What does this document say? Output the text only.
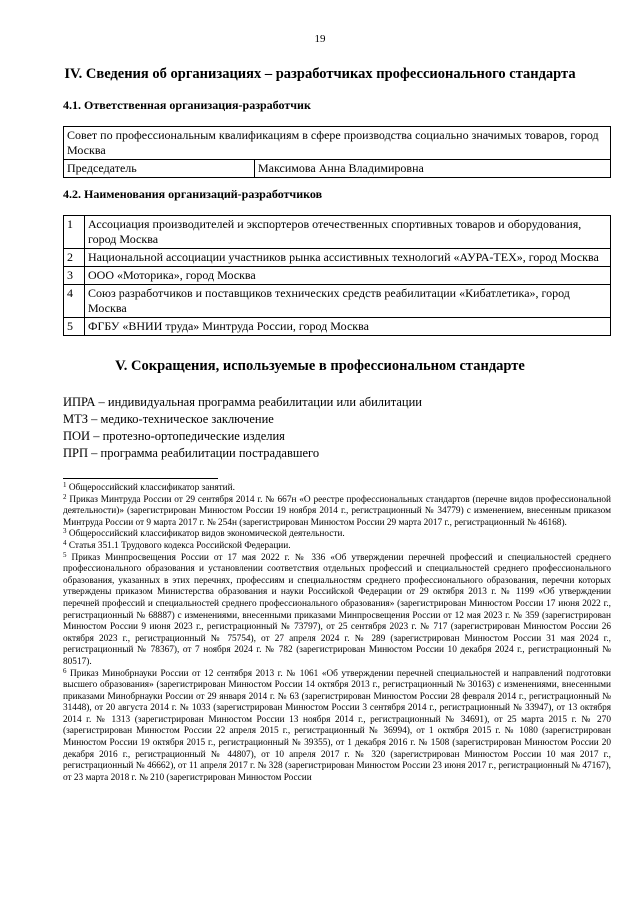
19
IV. Сведения об организациях – разработчиках профессионального стандарта
4.1. Ответственная организация-разработчик
Совет по профессиональным квалификациям в сфере производства социально значимых товаров, город Москва
Председатель	Максимова Анна Владимировна
4.2. Наименования организаций-разработчиков
1	Ассоциация производителей и экспортеров отечественных спортивных товаров и оборудования, город Москва
2	Национальной ассоциации участников рынка ассистивных технологий «АУРА-ТЕХ», город Москва
3	ООО «Моторика», город Москва
4	Союз разработчиков и поставщиков технических средств реабилитации «Кибатлетика», город Москва
5	ФГБУ «ВНИИ труда» Минтруда России, город Москва
V. Сокращения, используемые в профессиональном стандарте
ИПРА – индивидуальная программа реабилитации или абилитации
МТЗ – медико-техническое заключение
ПОИ – протезно-ортопедические изделия
ПРП – программа реабилитации пострадавшего

$^1$ Общероссийский классификатор занятий.

$^2$ Приказ Минтруда России от 29 сентября 2014 г. № 667н «О реестре профессиональных стандартов (перечне видов профессиональной деятельности)» (зарегистрирован Минюстом России 19 ноября 2014 г., регистрационный № 34779) с изменением, внесенным приказом Минтруда России от 9 марта 2017 г. № 254н (зарегистрирован Минюстом России 29 марта 2017 г., регистрационный № 46168).

$^3$ Общероссийский классификатор видов экономической деятельности.

$^4$ Статья 351.1 Трудового кодекса Российской Федерации.

$^5$ Приказ Минпросвещения России от 17 мая 2022 г. № 336 «Об утверждении перечней профессий и специальностей среднего профессионального образования и установлении соответствия отдельных профессий и специальностей среднего профессионального образования, указанных в этих перечнях, профессиям и специальностям среднего профессионального образования, перечни которых утверждены приказом Министерства образования и науки Российской Федерации от 29 октября 2013 г. № 1199 «Об утверждении перечней профессий и специальностей среднего профессионального образования» (зарегистрирован Минюстом России 17 июня 2022 г., регистрационный № 68887) с изменениями, внесенными приказами Минпросвещения России от 12 мая 2023 г. № 359 (зарегистрирован Минюстом России 9 июня 2023 г., регистрационный № 73797), от 25 сентября 2023 г. № 717 (зарегистрирован Минюстом России 26 октября 2023 г., регистрационный № 75754), от 27 апреля 2024 г. № 289 (зарегистрирован Минюстом России 31 мая 2024 г., регистрационный № 78367), от 7 ноября 2024 г. № 782 (зарегистрирован Минюстом России 10 декабря 2024 г., регистрационный № 80517).

$^6$ Приказ Минобрнауки России от 12 сентября 2013 г. № 1061 «Об утверждении перечней специальностей и направлений подготовки высшего образования» (зарегистрирован Минюстом России 14 октября 2013 г., регистрационный № 30163) с изменениями, внесенными приказами Минобрнауки России от 29 января 2014 г. № 63 (зарегистрирован Минюстом России 28 февраля 2014 г., регистрационный № 31448), от 20 августа 2014 г. № 1033 (зарегистрирован Минюстом России 3 сентября 2014 г., регистрационный № 33947), от 13 октября 2014 г. № 1313 (зарегистрирован Минюстом России 13 ноября 2014 г., регистрационный № 34691), от 25 марта 2015 г. № 270 (зарегистрирован Минюстом России 22 апреля 2015 г., регистрационный № 36994), от 1 октября 2015 г. № 1080 (зарегистрирован Минюстом России 19 октября 2015 г., регистрационный № 39355), от 1 декабря 2016 г. № 1508 (зарегистрирован Минюстом России 20 декабря 2016 г., регистрационный № 44807), от 10 апреля 2017 г. № 320 (зарегистрирован Минюстом России 10 мая 2017 г., регистрационный № 46662), от 11 апреля 2017 г. № 328 (зарегистрирован Минюстом России 23 июня 2017 г., регистрационный № 47167), от 23 марта 2018 г. № 210 (зарегистрирован Минюстом России
